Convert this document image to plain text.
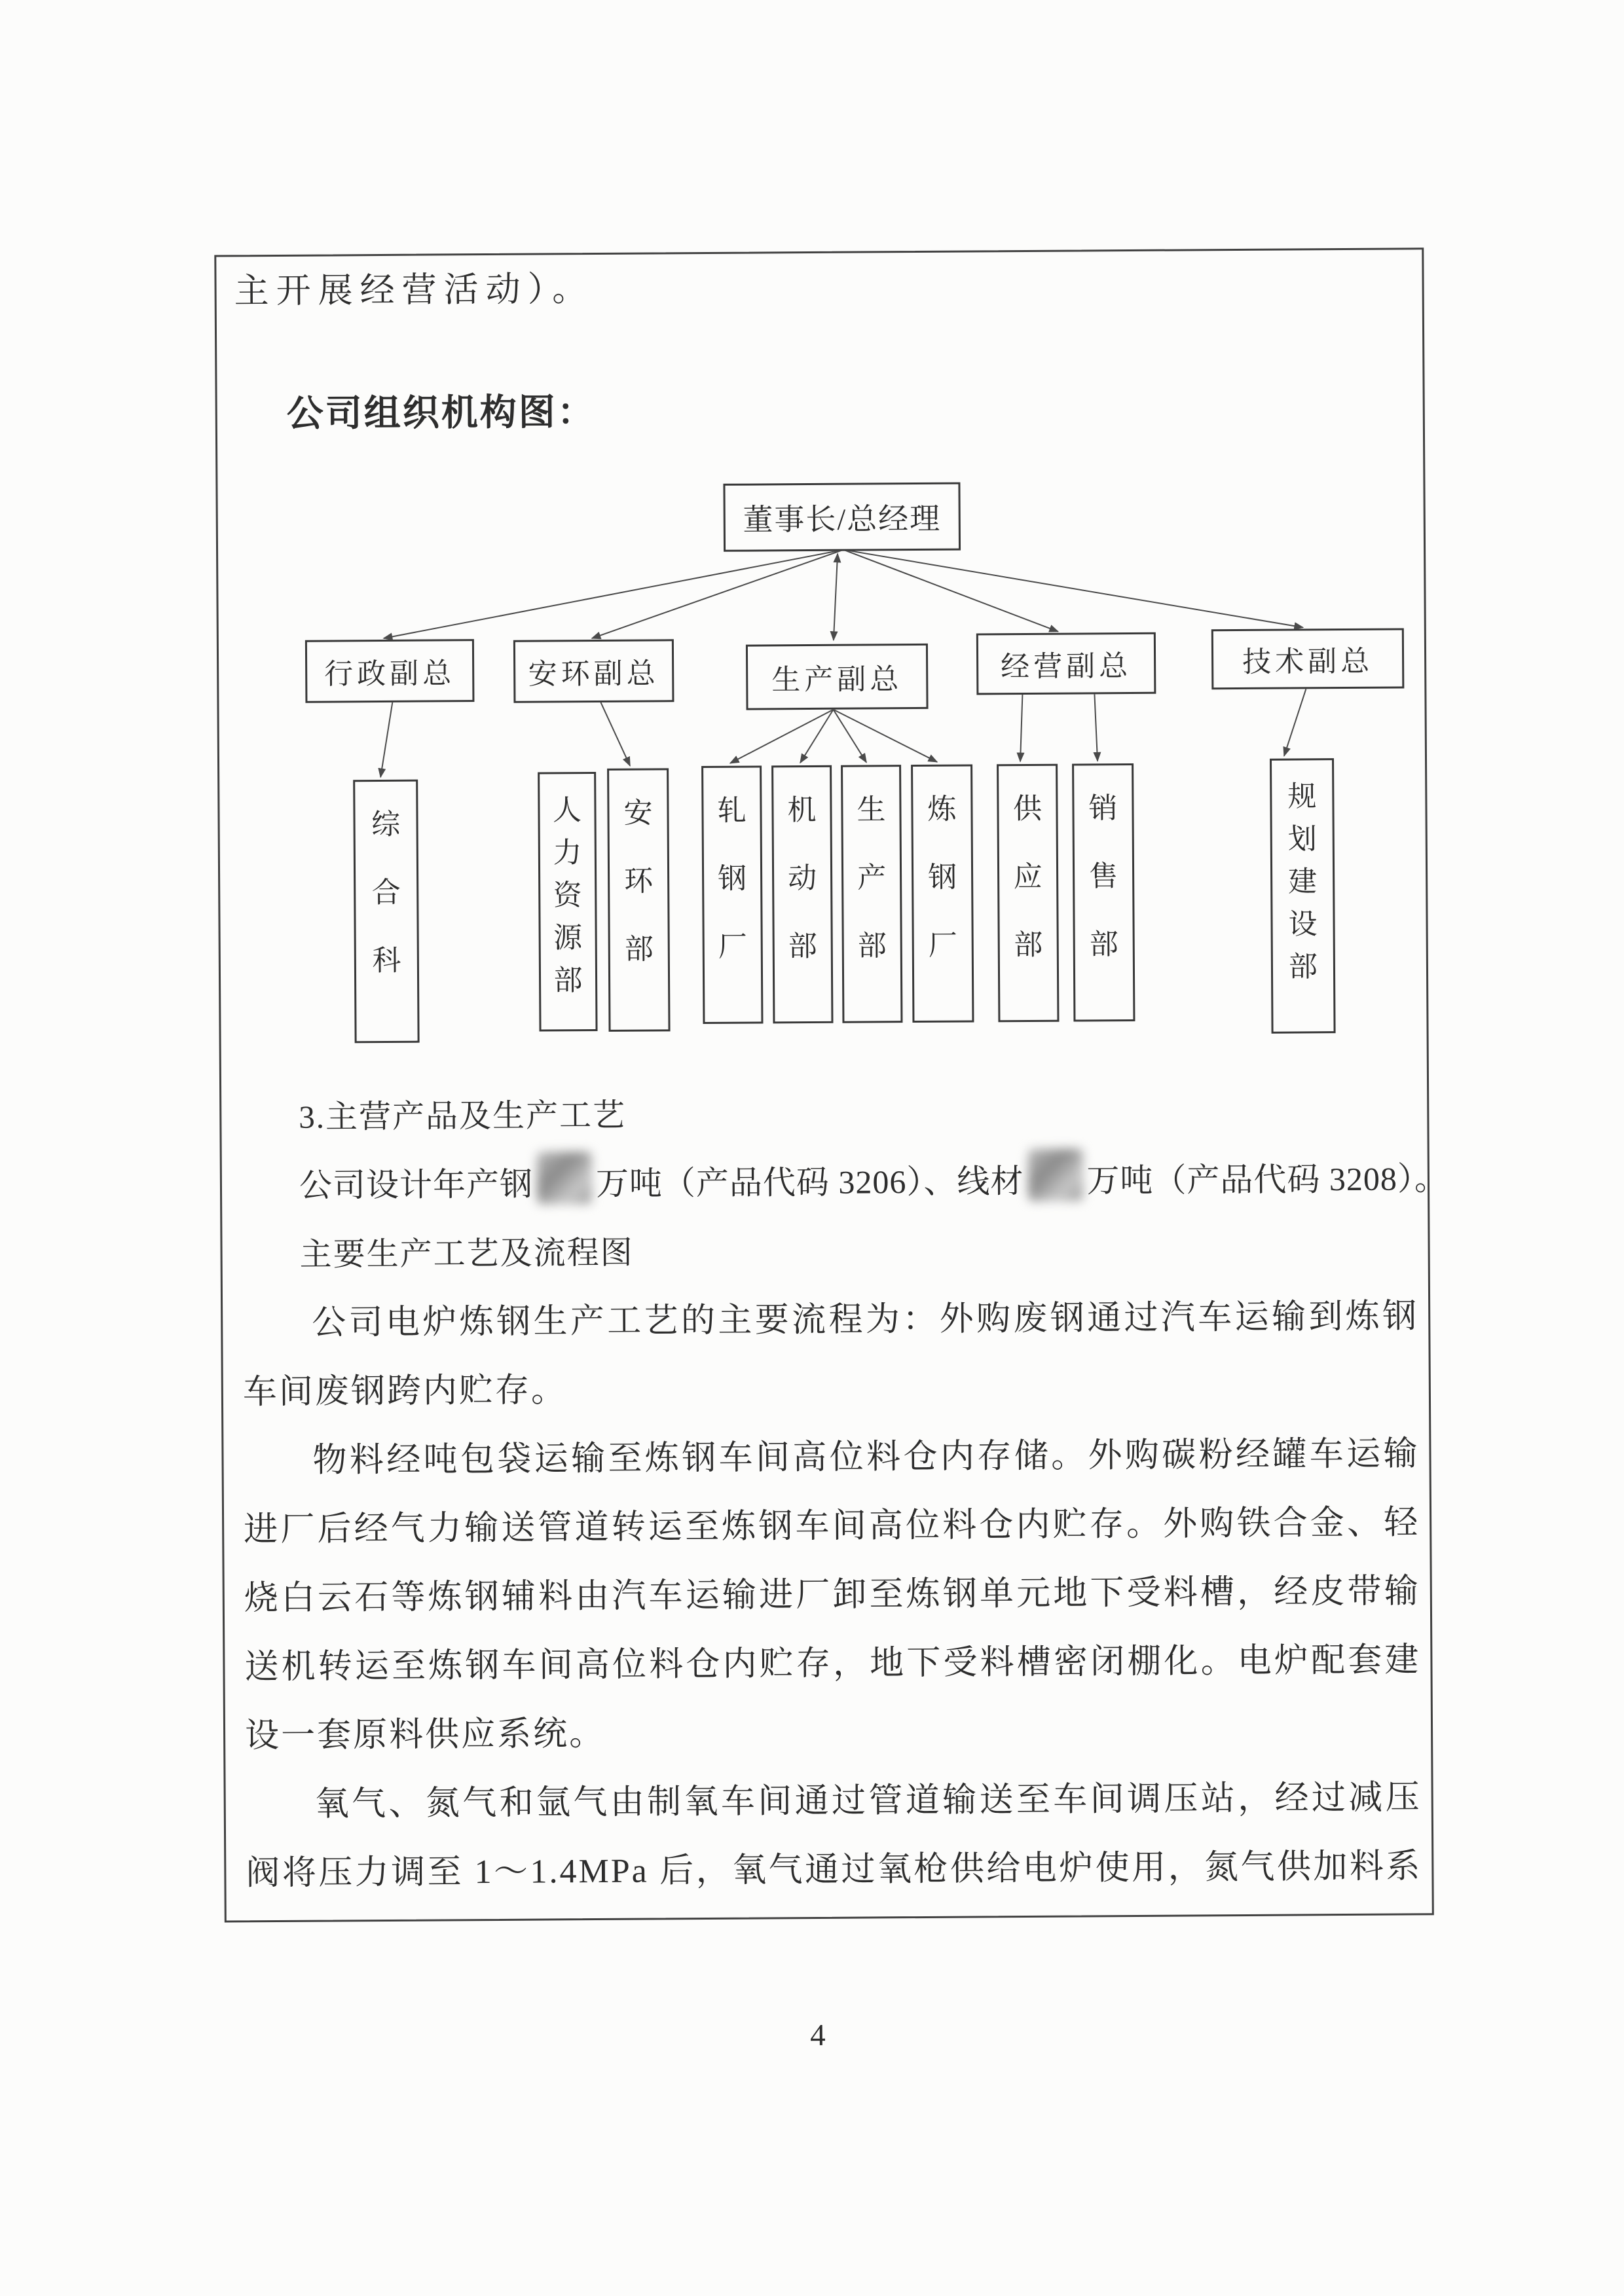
主开展经营活动）。
公司组织机构图：
董事长/总经理
行政副总	安环副总	生产副总	经营副总	技术副总
综
合
科
人
力
资
源
部
安
环
部
轧
钢
厂
机
动
部
生
产
部
炼
钢
厂
供
应
部
销
售
部
规
划
建
设
部
3.主营产品及生产工艺
公司设计年产钢 万吨（产品代码 3206）、线材 万吨（产品代码 3208）。
主要生产工艺及流程图
公司电炉炼钢生产工艺的主要流程为：外购废钢通过汽车运输到炼钢
车间废钢跨内贮存。
物料经吨包袋运输至炼钢车间高位料仓内存储。外购碳粉经罐车运输
进厂后经气力输送管道转运至炼钢车间高位料仓内贮存。外购铁合金、轻
烧白云石等炼钢辅料由汽车运输进厂卸至炼钢单元地下受料槽，经皮带输
送机转运至炼钢车间高位料仓内贮存，地下受料槽密闭棚化。电炉配套建
设一套原料供应系统。
氧气、氮气和氩气由制氧车间通过管道输送至车间调压站，经过减压
阀将压力调至 1～1.4MPa 后，氧气通过氧枪供给电炉使用，氮气供加料系
4
